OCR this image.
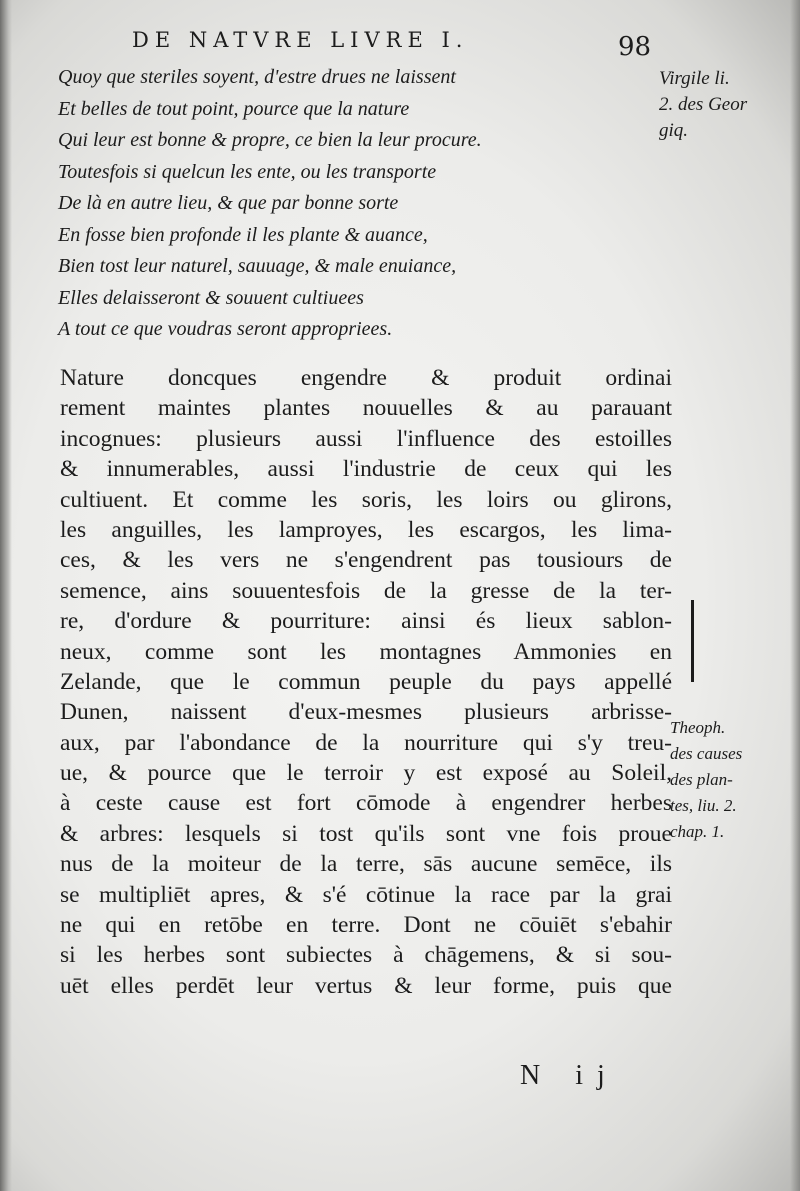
DE NATVRE LIVRE I.	98
Quoy que steriles soyent, d'estre drues ne laissent
Et belles de tout point, pource que la nature
Qui leur est bonne & propre, ce bien la leur procure.
Toutesfois si quelcun les ente, ou les transporte
De là en autre lieu, & que par bonne sorte
En fosse bien profonde il les plante & auance,
Bien tost leur naturel, sauuage, & male enuiance,
Elles delaisseront & souuent cultiuees
A tout ce que voudras seront appropriees.
Virgile li.
2. des Geor
giq.
Nature doncques engendre & produit ordinai
rement maintes plantes nouuelles & au parauant
incognues: plusieurs aussi l'influence des estoilles
& innumerables, aussi l'industrie de ceux qui les
cultiuent. Et comme les soris, les loirs ou glirons,
les anguilles, les lamproyes, les escargos, les lima-
ces, & les vers ne s'engendrent pas tousiours de
semence, ains souuentesfois de la gresse de la ter-
re, d'ordure & pourriture: ainsi és lieux sablon-
neux, comme sont les montagnes Ammonies en
Zelande, que le commun peuple du pays appellé
Dunen, naissent d'eux-mesmes plusieurs arbrisse-
aux, par l'abondance de la nourriture qui s'y treu-
ue, & pource que le terroir y est exposé au Soleil,
à ceste cause est fort cōmode à engendrer herbes
& arbres: lesquels si tost qu'ils sont vne fois proue
nus de la moiteur de la terre, sās aucune semēce, ils
se multipliēt apres, & s'é cōtinue la race par la grai
ne qui en retōbe en terre. Dont ne cōuiēt s'ebahir
si les herbes sont subiectes à chāgemens, & si sou-
uēt elles perdēt leur vertus & leur forme, puis que
Theoph.
des causes
des plan-
tes, liu. 2.
chap. 1.
N ij
